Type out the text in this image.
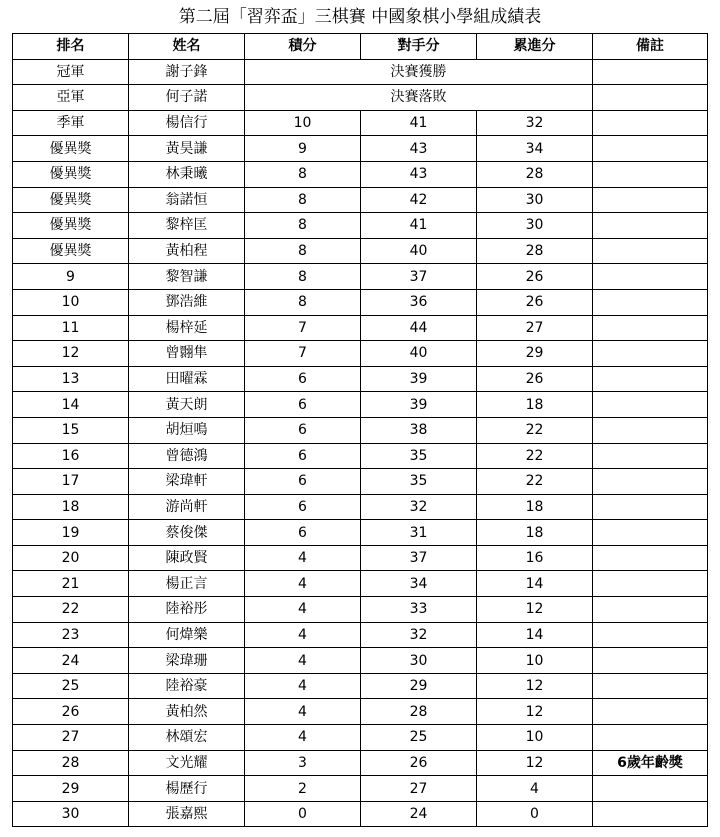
第二屆「習弈盃」三棋賽 中國象棋小學組成績表
排名	姓名	積分	對手分	累進分	備註
冠軍	謝子鋒	決賽獲勝			
亞軍	何子諾	決賽落敗			
季軍	楊信行	10	41	32	
優異獎	黃昊謙	9	43	34	
優異獎	林秉曦	8	43	28	
優異獎	翁諾恒	8	42	30	
優異獎	黎梓匡	8	41	30	
優異獎	黃柏程	8	40	28	
9	黎智謙	8	37	26	
10	鄧浩維	8	36	26	
11	楊梓延	7	44	27	
12	曾翾隼	7	40	29	
13	田曜霖	6	39	26	
14	黃天朗	6	39	18	
15	胡烜鳴	6	38	22	
16	曾德鴻	6	35	22	
17	梁瑋軒	6	35	22	
18	游尚軒	6	32	18	
19	蔡俊傑	6	31	18	
20	陳政賢	4	37	16	
21	楊正言	4	34	14	
22	陸裕彤	4	33	12	
23	何煒樂	4	32	14	
24	梁瑋珊	4	30	10	
25	陸裕豪	4	29	12	
26	黃柏然	4	28	12	
27	林頌宏	4	25	10	
28	文光耀	3	26	12	6歲年齡獎
29	楊歷行	2	27	4	
30	張嘉熙	0	24	0	
